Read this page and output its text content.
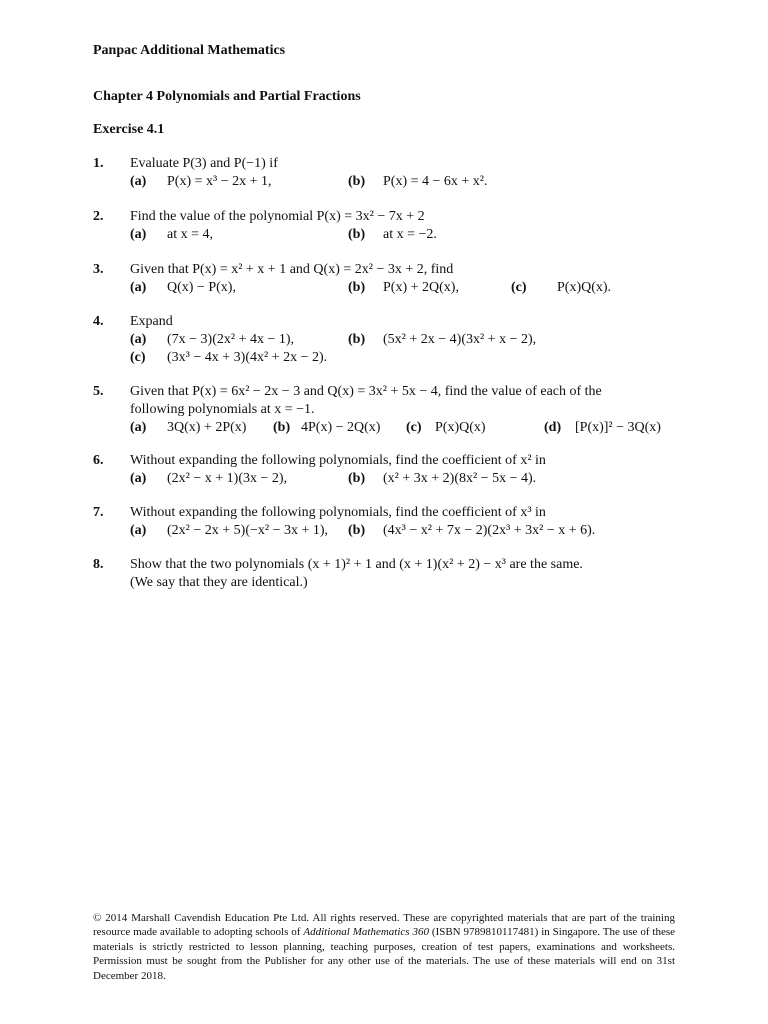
Panpac Additional Mathematics
Chapter 4 Polynomials and Partial Fractions
Exercise 4.1
1. Evaluate P(3) and P(−1) if
(a) P(x) = x³ − 2x + 1,	(b) P(x) = 4 − 6x + x².
2. Find the value of the polynomial P(x) = 3x² − 7x + 2
(a) at x = 4,	(b) at x = −2.
3. Given that P(x) = x² + x + 1 and Q(x) = 2x² − 3x + 2, find
(a) Q(x) − P(x),	(b) P(x) + 2Q(x),	(c) P(x)Q(x).
4. Expand
(a) (7x − 3)(2x² + 4x − 1),	(b) (5x² + 2x − 4)(3x² + x − 2),
(c) (3x³ − 4x + 3)(4x² + 2x − 2).
5. Given that P(x) = 6x² − 2x − 3 and Q(x) = 3x² + 5x − 4, find the value of each of the
following polynomials at x = −1.
(a) 3Q(x) + 2P(x) (b) 4P(x) − 2Q(x) (c) P(x)Q(x)	(d) [P(x)]² − 3Q(x)
6. Without expanding the following polynomials, find the coefficient of x² in
(a) (2x² − x + 1)(3x − 2),	(b) (x² + 3x + 2)(8x² − 5x − 4).
7. Without expanding the following polynomials, find the coefficient of x³ in
(a) (2x² − 2x + 5)(−x² − 3x + 1), (b) (4x³ − x² + 7x − 2)(2x³ + 3x² − x + 6).
8. Show that the two polynomials (x + 1)² + 1 and (x + 1)(x² + 2) − x³ are the same.
(We say that they are identical.)
© 2014 Marshall Cavendish Education Pte Ltd. All rights reserved. These are copyrighted materials that are part of the training resource made available to adopting schools of Additional Mathematics 360 (ISBN 9789810117481) in Singapore. The use of these materials is strictly restricted to lesson planning, teaching purposes, creation of test papers, examinations and worksheets. Permission must be sought from the Publisher for any other use of the materials. The use of these materials will end on 31st December 2018.
